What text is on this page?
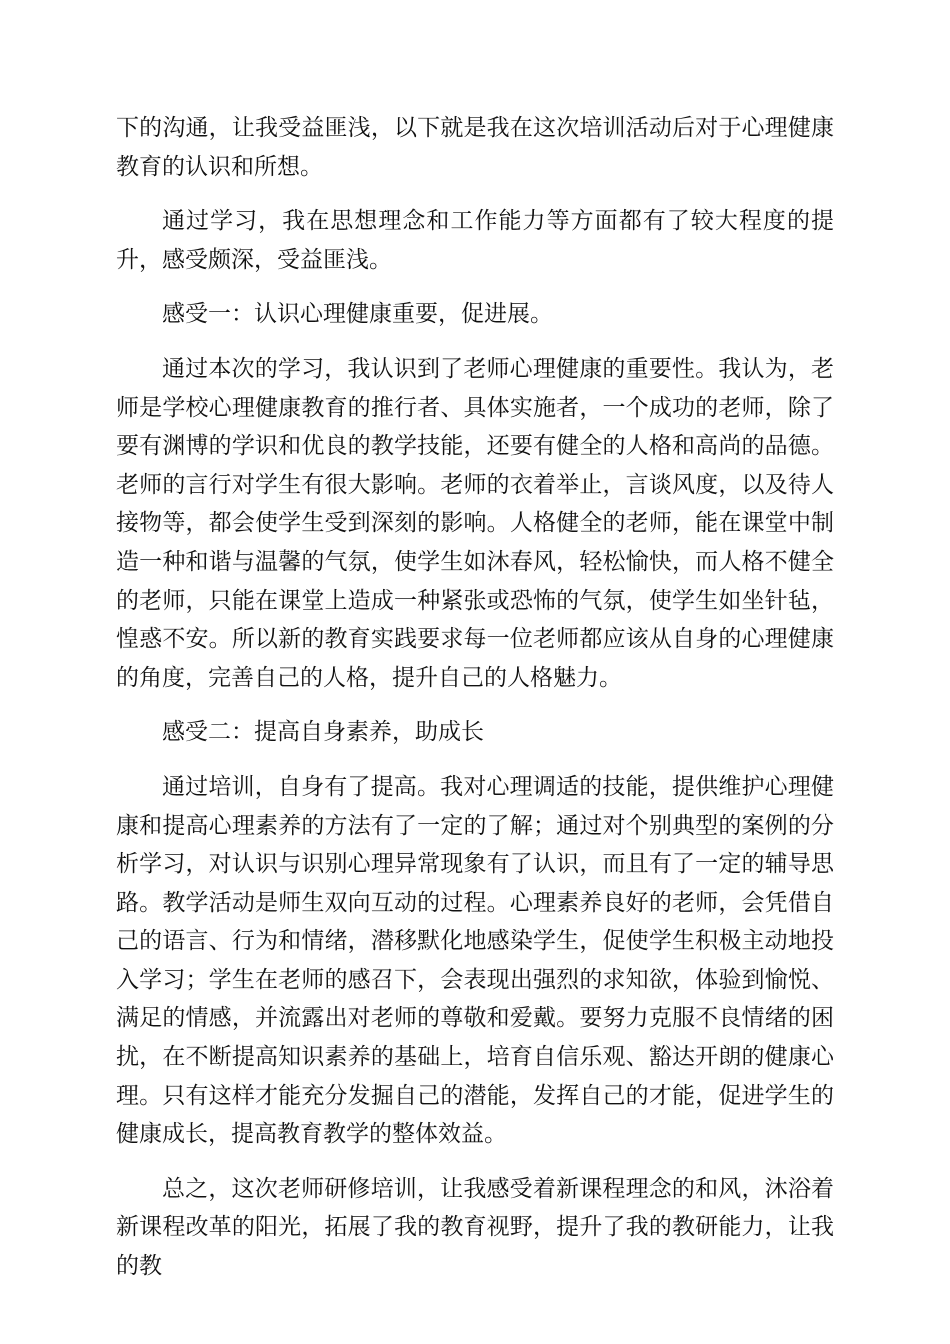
下的沟通，让我受益匪浅，以下就是我在这次培训活动后对于心理健康教育的认识和所想。

通过学习，我在思想理念和工作能力等方面都有了较大程度的提升，感受颇深，受益匪浅。

感受一：认识心理健康重要，促进展。

通过本次的学习，我认识到了老师心理健康的重要性。我认为，老师是学校心理健康教育的推行者、具体实施者，一个成功的老师，除了要有渊博的学识和优良的教学技能，还要有健全的人格和高尚的品德。老师的言行对学生有很大影响。老师的衣着举止，言谈风度，以及待人接物等，都会使学生受到深刻的影响。人格健全的老师，能在课堂中制造一种和谐与温馨的气氛，使学生如沐春风，轻松愉快，而人格不健全的老师，只能在课堂上造成一种紧张或恐怖的气氛，使学生如坐针毡，惶惑不安。所以新的教育实践要求每一位老师都应该从自身的心理健康的角度，完善自己的人格，提升自己的人格魅力。

感受二：提高自身素养，助成长

通过培训，自身有了提高。我对心理调适的技能，提供维护心理健康和提高心理素养的方法有了一定的了解；通过对个别典型的案例的分析学习，对认识与识别心理异常现象有了认识，而且有了一定的辅导思路。教学活动是师生双向互动的过程。心理素养良好的老师，会凭借自己的语言、行为和情绪，潜移默化地感染学生，促使学生积极主动地投入学习；学生在老师的感召下，会表现出强烈的求知欲，体验到愉悦、满足的情感，并流露出对老师的尊敬和爱戴。要努力克服不良情绪的困扰，在不断提高知识素养的基础上，培育自信乐观、豁达开朗的健康心理。只有这样才能充分发掘自己的潜能，发挥自己的才能，促进学生的健康成长，提高教育教学的整体效益。

总之，这次老师研修培训，让我感受着新课程理念的和风，沐浴着新课程改革的阳光，拓展了我的教育视野，提升了我的教研能力，让我的教
